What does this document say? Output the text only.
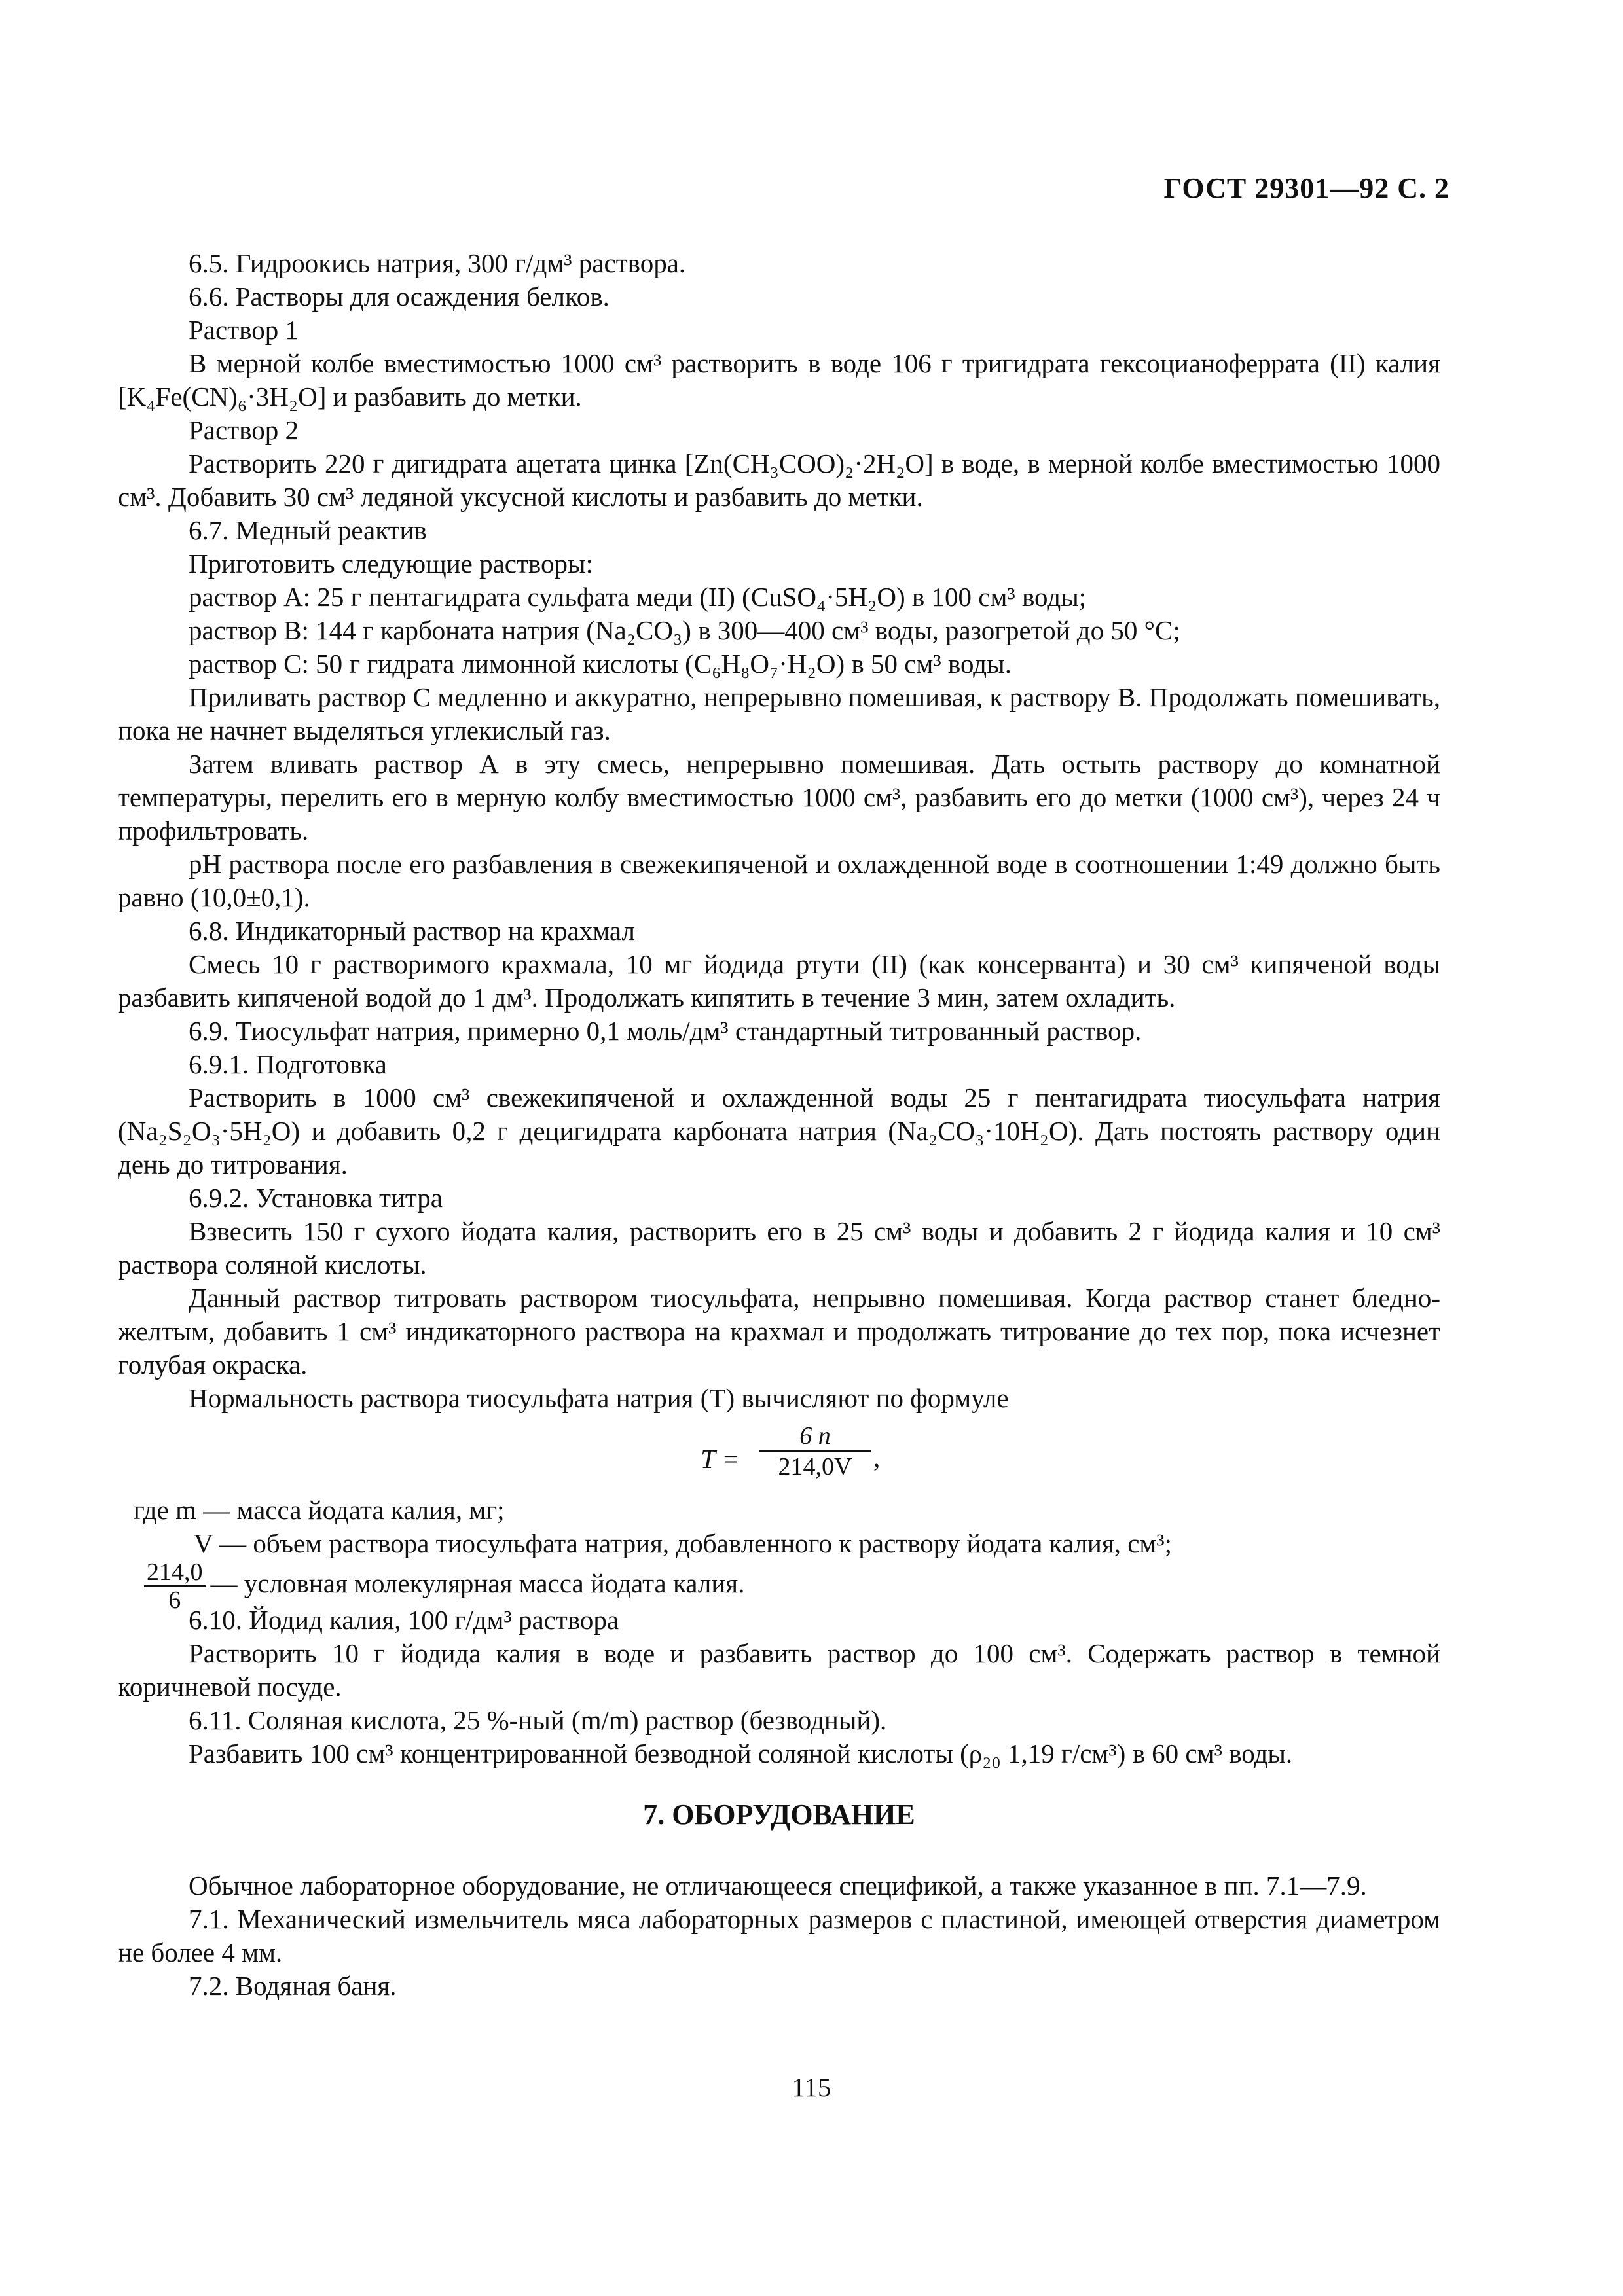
ГОСТ 29301—92 С. 2

6.5. Гидроокись натрия, 300 г/дм³ раствора.

6.6. Растворы для осаждения белков.

Раствор 1

В мерной колбе вместимостью 1000 см³ растворить в воде 106 г тригидрата гексоцианоферрата (II) калия [K₄Fe(CN)₆·3H₂O] и разбавить до метки.

Раствор 2

Растворить 220 г дигидрата ацетата цинка [Zn(CH₃COO)₂·2H₂O] в воде, в мерной колбе вместимостью 1000 см³. Добавить 30 см³ ледяной уксусной кислоты и разбавить до метки.

6.7. Медный реактив

Приготовить следующие растворы:

раствор А: 25 г пентагидрата сульфата меди (II) (CuSO₄·5H₂O) в 100 см³ воды;

раствор В: 144 г карбоната натрия (Na₂CO₃) в 300—400 см³ воды, разогретой до 50 °С;

раствор С: 50 г гидрата лимонной кислоты (C₆H₈O₇·H₂O) в 50 см³ воды.

Приливать раствор С медленно и аккуратно, непрерывно помешивая, к раствору В. Продолжать помешивать, пока не начнет выделяться углекислый газ.

Затем вливать раствор А в эту смесь, непрерывно помешивая. Дать остыть раствору до комнатной температуры, перелить его в мерную колбу вместимостью 1000 см³, разбавить его до метки (1000 см³), через 24 ч профильтровать.

рН раствора после его разбавления в свежекипяченой и охлажденной воде в соотношении 1:49 должно быть равно (10,0±0,1).

6.8. Индикаторный раствор на крахмал

Смесь 10 г растворимого крахмала, 10 мг йодида ртути (II) (как консерванта) и 30 см³ кипяченой воды разбавить кипяченой водой до 1 дм³. Продолжать кипятить в течение 3 мин, затем охладить.

6.9. Тиосульфат натрия, примерно 0,1 моль/дм³ стандартный титрованный раствор.

6.9.1. Подготовка

Растворить в 1000 см³ свежекипяченой и охлажденной воды 25 г пентагидрата тиосульфата натрия (Na₂S₂O₃·5H₂O) и добавить 0,2 г децигидрата карбоната натрия (Na₂CO₃·10H₂O). Дать постоять раствору один день до титрования.

6.9.2. Установка титра

Взвесить 150 г сухого йодата калия, растворить его в 25 см³ воды и добавить 2 г йодида калия и 10 см³ раствора соляной кислоты.

Данный раствор титровать раствором тиосульфата, непрывно помешивая. Когда раствор станет бледно-желтым, добавить 1 см³ индикаторного раствора на крахмал и продолжать титрование до тех пор, пока исчезнет голубая окраска.

Нормальность раствора тиосульфата натрия (T) вычисляют по формуле

$T = \frac{6 n}{214,0V}$ ,
где m — масса йодата калия, мг;
V — объем раствора тиосульфата натрия, добавленного к раствору йодата калия, см³;
$\frac{214,0}{6}$ — условная молекулярная масса йодата калия.

6.10. Йодид калия, 100 г/дм³ раствора

Растворить 10 г йодида калия в воде и разбавить раствор до 100 см³. Содержать раствор в темной коричневой посуде.

6.11. Соляная кислота, 25 %-ный (m/m) раствор (безводный).

Разбавить 100 см³ концентрированной безводной соляной кислоты (ρ₂₀ 1,19 г/см³) в 60 см³ воды.

7. ОБОРУДОВАНИЕ

Обычное лабораторное оборудование, не отличающееся спецификой, а также указанное в пп. 7.1—7.9.

7.1. Механический измельчитель мяса лабораторных размеров с пластиной, имеющей отверстия диаметром не более 4 мм.

7.2. Водяная баня.

115
